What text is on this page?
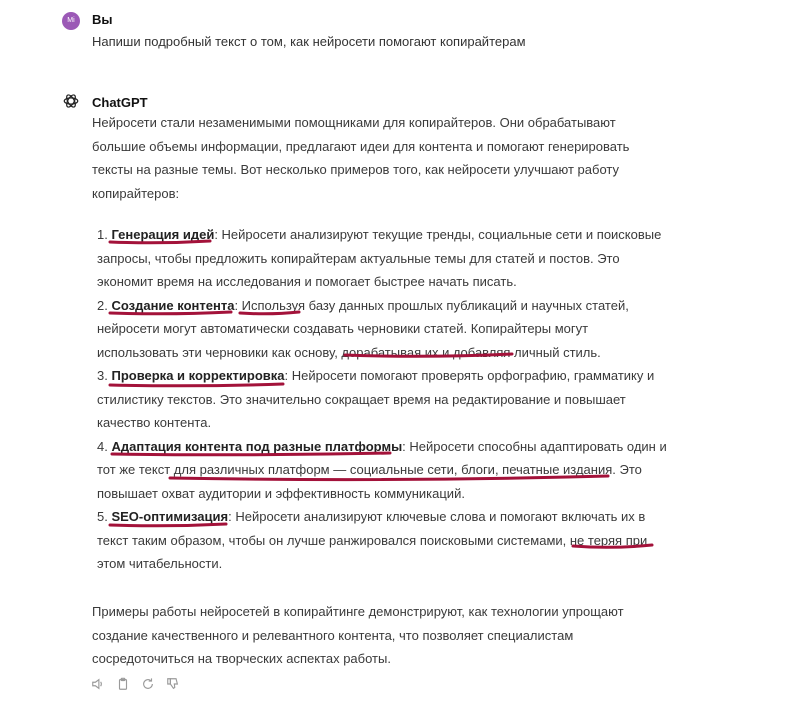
Mi	Вы
Напиши подробный текст о том, как нейросети помогают копирайтерам
ChatGPT
Нейросети стали незаменимыми помощниками для копирайтеров. Они обрабатывают
большие объемы информации, предлагают идеи для контента и помогают генерировать
тексты на разные темы. Вот несколько примеров того, как нейросети улучшают работу
копирайтеров:
1. Генерация идей: Нейросети анализируют текущие тренды, социальные сети и поисковые
запросы, чтобы предложить копирайтерам актуальные темы для статей и постов. Это
экономит время на исследования и помогает быстрее начать писать.
2. Создание контента: Используя базу данных прошлых публикаций и научных статей,
нейросети могут автоматически создавать черновики статей. Копирайтеры могут
использовать эти черновики как основу, дорабатывая их и добавляя личный стиль.
3. Проверка и корректировка: Нейросети помогают проверять орфографию, грамматику и
стилистику текстов. Это значительно сокращает время на редактирование и повышает
качество контента.
4. Адаптация контента под разные платформы: Нейросети способны адаптировать один и
тот же текст для различных платформ — социальные сети, блоги, печатные издания. Это
повышает охват аудитории и эффективность коммуникаций.
5. SEO-оптимизация: Нейросети анализируют ключевые слова и помогают включать их в
текст таким образом, чтобы он лучше ранжировался поисковыми системами, не теряя при
этом читабельности.
Примеры работы нейросетей в копирайтинге демонстрируют, как технологии упрощают
создание качественного и релевантного контента, что позволяет специалистам
сосредоточиться на творческих аспектах работы.
